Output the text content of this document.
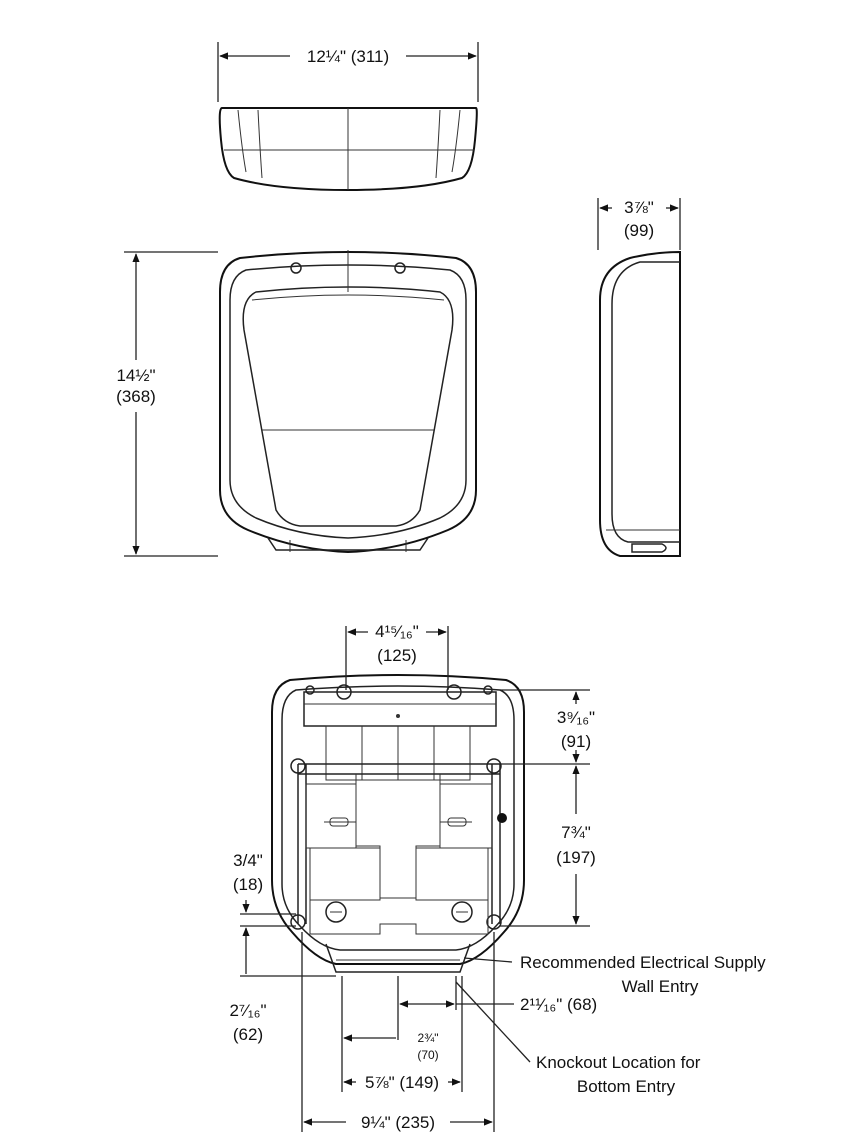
12¼" (311)
14½"
(368)
3⅞"
(99)
4¹⁵⁄₁₆"
(125)
3⁹⁄₁₆"
(91)
7¾"
(197)
3/4"
(18)
2⁷⁄₁₆"
(62)
2¹¹⁄₁₆" (68)
2¾"
(70)
5⅞" (149)
9¼" (235)
Recommended Electrical Supply
Wall Entry
Knockout Location for
Bottom Entry
